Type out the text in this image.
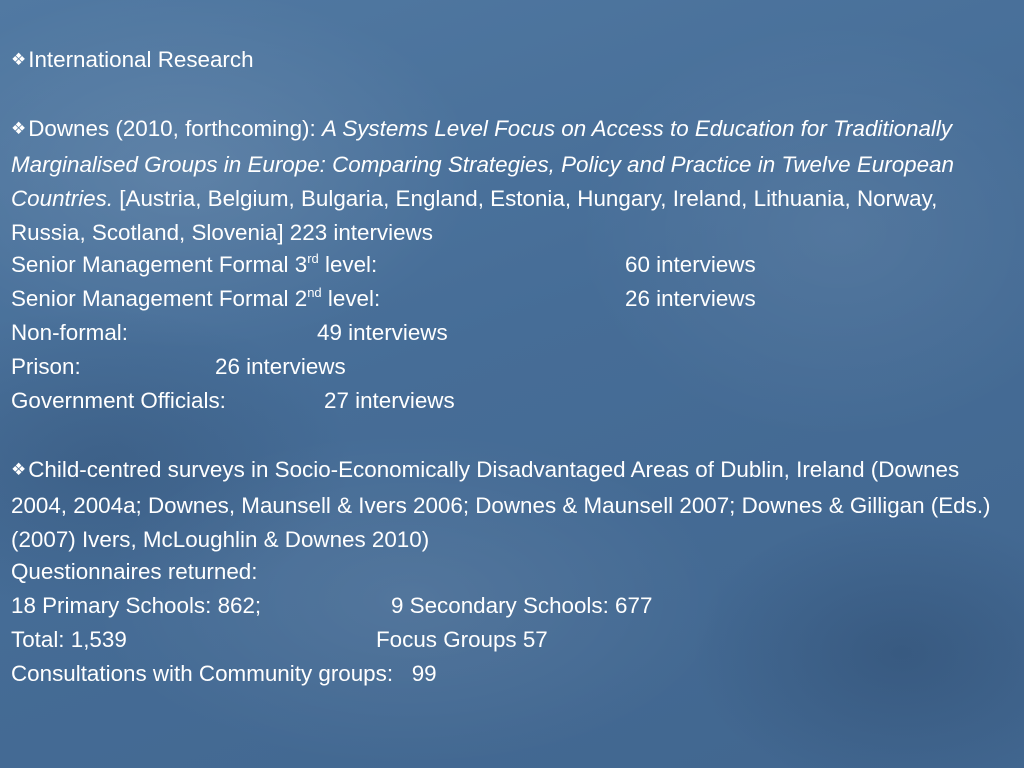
❖International Research
❖Downes (2010, forthcoming): A Systems Level Focus on Access to Education for Traditionally Marginalised Groups in Europe: Comparing Strategies, Policy and Practice in Twelve European Countries. [Austria, Belgium, Bulgaria, England, Estonia, Hungary, Ireland, Lithuania, Norway, Russia, Scotland, Slovenia] 223 interviews
Senior Management Formal 3rd level:	60 interviews
Senior Management Formal 2nd level:	26 interviews
Non-formal:	49 interviews
Prison:	26 interviews
Government Officials:	27 interviews
❖Child-centred surveys in Socio-Economically Disadvantaged Areas of Dublin, Ireland (Downes 2004, 2004a; Downes, Maunsell & Ivers 2006; Downes & Maunsell 2007; Downes & Gilligan (Eds.) (2007) Ivers, McLoughlin & Downes 2010)
Questionnaires returned:
18 Primary Schools: 862;	9 Secondary Schools: 677
Total: 1,539	Focus Groups 57
Consultations with Community groups:   99
